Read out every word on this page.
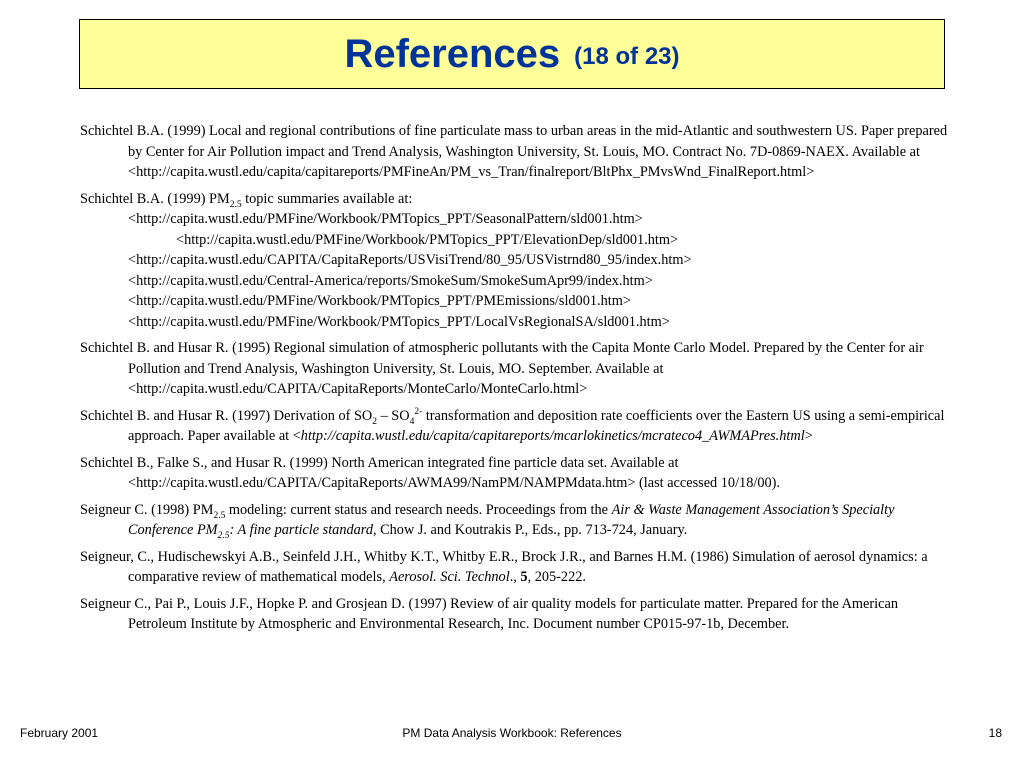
References (18 of 23)

Schichtel B.A. (1999) Local and regional contributions of fine particulate mass to urban areas in the mid-Atlantic and southwestern US. Paper prepared by Center for Air Pollution impact and Trend Analysis, Washington University, St. Louis, MO. Contract No. 7D-0869-NAEX. Available at <http://capita.wustl.edu/capita/capitareports/PMFineAn/PM_vs_Tran/finalreport/BltPhx_PMvsWnd_FinalReport.html>

Schichtel B.A. (1999) $PM_{2.5}$ topic summaries available at:
<http://capita.wustl.edu/PMFine/Workbook/PMTopics_PPT/SeasonalPattern/sld001.htm>
<http://capita.wustl.edu/PMFine/Workbook/PMTopics_PPT/ElevationDep/sld001.htm>
<http://capita.wustl.edu/CAPITA/CapitaReports/USVisiTrend/80_95/USVistrnd80_95/index.htm>
<http://capita.wustl.edu/Central-America/reports/SmokeSum/SmokeSumApr99/index.htm>
<http://capita.wustl.edu/PMFine/Workbook/PMTopics_PPT/PMEmissions/sld001.htm>
<http://capita.wustl.edu/PMFine/Workbook/PMTopics_PPT/LocalVsRegionalSA/sld001.htm>

Schichtel B. and Husar R. (1995) Regional simulation of atmospheric pollutants with the Capita Monte Carlo Model. Prepared by the Center for air Pollution and Trend Analysis, Washington University, St. Louis, MO. September. Available at <http://capita.wustl.edu/CAPITA/CapitaReports/MonteCarlo/MonteCarlo.html>

Schichtel B. and Husar R. (1997) Derivation of $SO_2 - SO_4^{2-}$ transformation and deposition rate coefficients over the Eastern US using a semi-empirical approach. Paper available at <http://capita.wustl.edu/capita/capitareports/mcarlokinetics/mcrateco4_AWMAPres.html>

Schichtel B., Falke S., and Husar R. (1999) North American integrated fine particle data set. Available at <http://capita.wustl.edu/CAPITA/CapitaReports/AWMA99/NamPM/NAMPMdata.htm> (last accessed 10/18/00).

Seigneur C. (1998) $PM_{2.5}$ modeling: current status and research needs. Proceedings from the Air & Waste Management Association’s Specialty Conference $PM_{2.5}$: A fine particle standard, Chow J. and Koutrakis P., Eds., pp. 713-724, January.

Seigneur, C., Hudischewskyi A.B., Seinfeld J.H., Whitby K.T., Whitby E.R., Brock J.R., and Barnes H.M. (1986) Simulation of aerosol dynamics: a comparative review of mathematical models, Aerosol. Sci. Technol., 5, 205-222.

Seigneur C., Pai P., Louis J.F., Hopke P. and Grosjean D. (1997) Review of air quality models for particulate matter. Prepared for the American Petroleum Institute by Atmospheric and Environmental Research, Inc. Document number CP015-97-1b, December.

February 2001	PM Data Analysis Workbook: References	18
